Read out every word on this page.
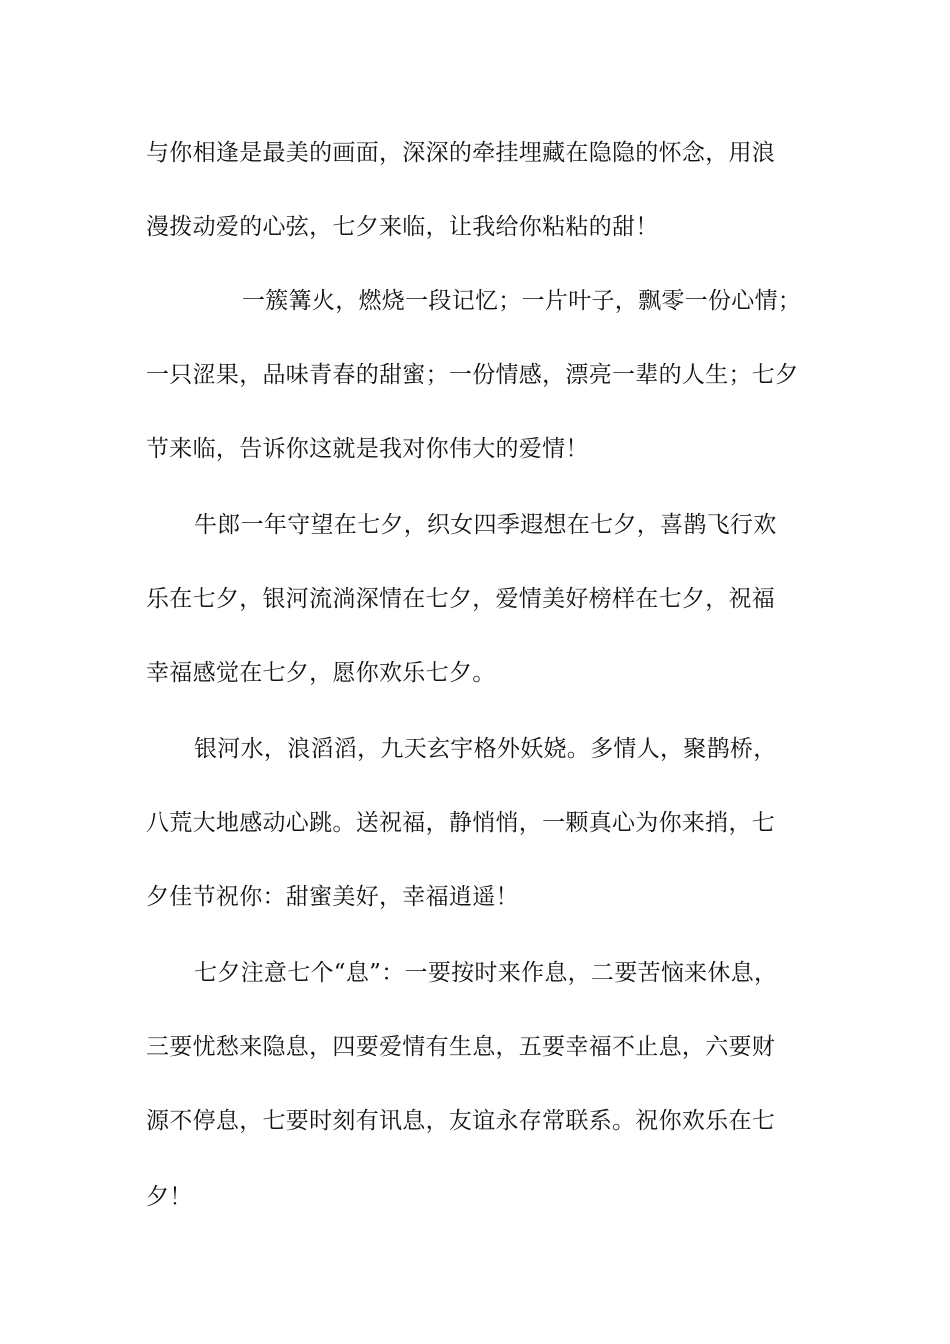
与你相逢是最美的画面，深深的牵挂埋藏在隐隐的怀念，用浪
漫拨动爱的心弦，七夕来临，让我给你粘粘的甜！
一簇篝火，燃烧一段记忆；一片叶子，飘零一份心情；
一只涩果，品味青春的甜蜜；一份情感，漂亮一辈的人生；七夕
节来临，告诉你这就是我对你伟大的爱情！
牛郎一年守望在七夕，织女四季遐想在七夕，喜鹊飞行欢
乐在七夕，银河流淌深情在七夕，爱情美好榜样在七夕，祝福
幸福感觉在七夕，愿你欢乐七夕。
银河水，浪滔滔，九天玄宇格外妖娆。多情人，聚鹊桥，
八荒大地感动心跳。送祝福，静悄悄，一颗真心为你来捎，七
夕佳节祝你：甜蜜美好，幸福逍遥！
七夕注意七个“息”：一要按时来作息，二要苦恼来休息，
三要忧愁来隐息，四要爱情有生息，五要幸福不止息，六要财
源不停息，七要时刻有讯息，友谊永存常联系。祝你欢乐在七
夕！
